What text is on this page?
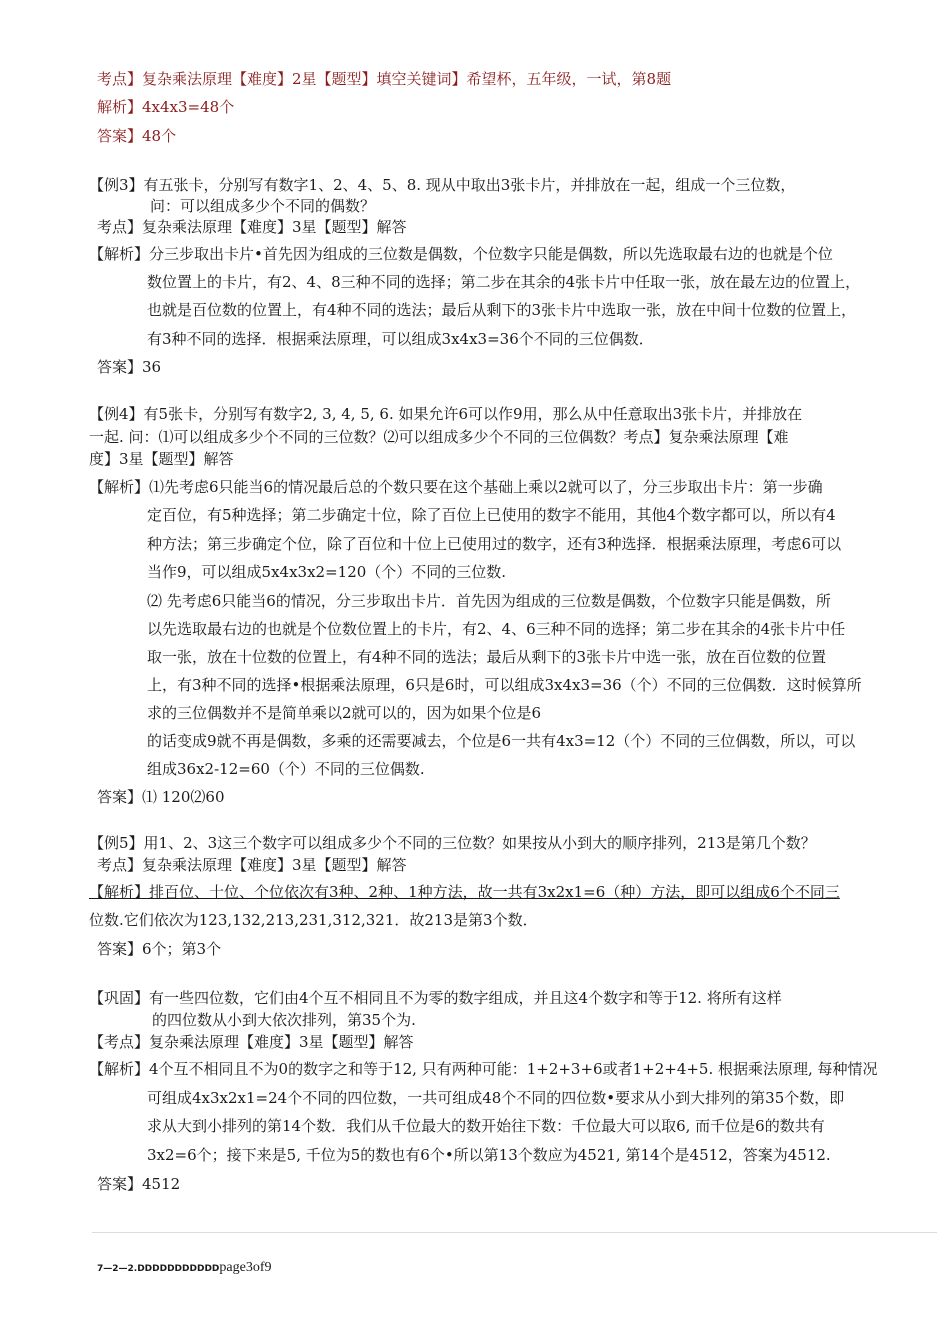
考点】复杂乘法原理【难度】2星【题型】填空关键词】希望杯，五年级，一试，第8题
解析】4x4x3=48个
答案】48个
【例3】有五张卡，分别写有数字1、2、4、5、8. 现从中取出3张卡片，并排放在一起，组成一个三位数，
问：可以组成多少个不同的偶数？
考点】复杂乘法原理【难度】3星【题型】解答
【解析】分三步取出卡片•首先因为组成的三位数是偶数，个位数字只能是偶数，所以先选取最右边的也就是个位
数位置上的卡片，有2、4、8三种不同的选择；第二步在其余的4张卡片中任取一张，放在最左边的位置上，
也就是百位数的位置上，有4种不同的选法；最后从剩下的3张卡片中选取一张，放在中间十位数的位置上，
有3种不同的选择．根据乘法原理，可以组成3x4x3=36个不同的三位偶数．
答案】36
【例4】有5张卡，分别写有数字2, 3, 4, 5, 6. 如果允许6可以作9用，那么从中任意取出3张卡片，并排放在
一起. 问：⑴可以组成多少个不同的三位数？⑵可以组成多少个不同的三位偶数？考点】复杂乘法原理【难
度】3星【题型】解答
【解析】⑴先考虑6只能当6的情况最后总的个数只要在这个基础上乘以2就可以了，分三步取出卡片：第一步确
定百位，有5种选择；第二步确定十位，除了百位上已使用的数字不能用，其他4个数字都可以，所以有4
种方法；第三步确定个位，除了百位和十位上已使用过的数字，还有3种选择．根据乘法原理，考虑6可以
当作9，可以组成5x4x3x2=120（个）不同的三位数.
⑵ 先考虑6只能当6的情况，分三步取出卡片．首先因为组成的三位数是偶数，个位数字只能是偶数，所
以先选取最右边的也就是个位数位置上的卡片，有2、4、6三种不同的选择；第二步在其余的4张卡片中任
取一张，放在十位数的位置上，有4种不同的选法；最后从剩下的3张卡片中选一张，放在百位数的位置
上，有3种不同的选择•根据乘法原理，6只是6时，可以组成3x4x3=36（个）不同的三位偶数．这时候算所
求的三位偶数并不是简单乘以2就可以的，因为如果个位是6
的话变成9就不再是偶数，多乘的还需要减去，个位是6一共有4x3=12（个）不同的三位偶数，所以，可以
组成36x2-12=60（个）不同的三位偶数.
答案】⑴ 120⑵60
【例5】用1、2、3这三个数字可以组成多少个不同的三位数？如果按从小到大的顺序排列，213是第几个数？
考点】复杂乘法原理【难度】3星【题型】解答
【解析】排百位、十位、个位依次有3种、2种、1种方法，故一共有3x2x1=6（种）方法，即可以组成6个不同三
位数.它们依次为123,132,213,231,312,321．故213是第3个数．
答案】6个；第3个
【巩固】有一些四位数，它们由4个互不相同且不为零的数字组成，并且这4个数字和等于12. 将所有这样
的四位数从小到大依次排列，第35个为.
【考点】复杂乘法原理【难度】3星【题型】解答
【解析】4个互不相同且不为0的数字之和等于12, 只有两种可能：1+2+3+6或者1+2+4+5. 根据乘法原理, 每种情况
可组成4x3x2x1=24个不同的四位数，一共可组成48个不同的四位数•要求从小到大排列的第35个数，即
求从大到小排列的第14个数．我们从千位最大的数开始往下数：千位最大可以取6, 而千位是6的数共有
3x2=6个；接下来是5, 千位为5的数也有6个•所以第13个数应为4521, 第14个是4512，答案为4512.
答案】4512
7—2—2.DDDDDDDDDDDpage3of9
